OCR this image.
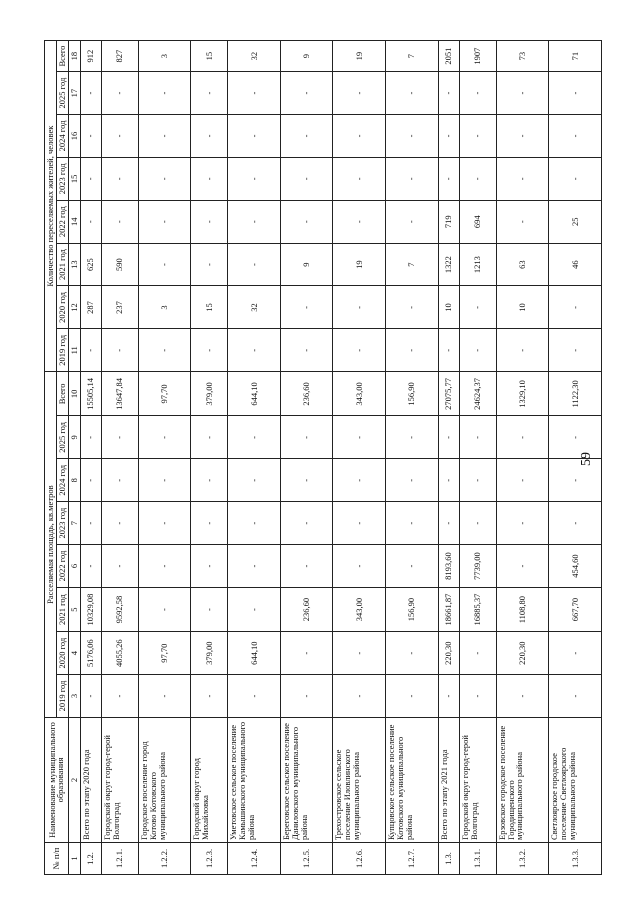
59
№ п/п	Наименование муниципального образования	Расселяемая площадь, кв.метров								Количество переселяемых жителей, человек							
		2019 год	2020 год	2021 год	2022 год	2023 год	2024 год	2025 год	Всего	2019 год	2020 год	2021 год	2022 год	2023 год	2024 год	2025 год	Всего
1	2	3	4	5	6	7	8	9	10	11	12	13	14	15	16	17	18
1.2.	Всего по этапу 2020 года	-	5176,06	10329,08	-	-	-	-	15505,14	-	287	625	-	-	-	-	912
1.2.1.	Городской округ город-герой Волгоград	-	4055,26	9592,58	-	-	-	-	13647,84	-	237	590	-	-	-	-	827
1.2.2.	Городское поселение город Котово Котовского муниципального района	-	97,70	-	-	-	-	-	97,70	-	3	-	-	-	-	-	3
1.2.3.	Городской округ город Михайловка	-	379,00	-	-	-	-	-	379,00	-	15	-	-	-	-	-	15
1.2.4.	Уметовское сельское поселение Камышинского муниципального района	-	644,10	-	-	-	-	-	644,10	-	32	-	-	-	-	-	32
1.2.5.	Береговское сельское поселение Даниловского муниципального района	-	-	236,60	-	-	-	-	236,60	-	-	9	-	-	-	-	9
1.2.6.	Трехостровское сельское поселение Иловлинского муниципального района	-	-	343,00	-	-	-	-	343,00	-	-	19	-	-	-	-	19
1.2.7.	Купцовское сельское поселение Котовского муниципального района	-	-	156,90	-	-	-	-	156,90	-	-	7	-	-	-	-	7
1.3.	Всего по этапу 2021 года	-	220,30	18661,87	8193,60	-	-	-	27075,77	-	10	1322	719	-	-	-	2051
1.3.1.	Городской округ город-герой Волгоград	-	-	16885,37	7739,00	-	-	-	24624,37	-	-	1213	694	-	-	-	1907
1.3.2.	Ерзовское городское поселение Городищенского муниципального района	-	220,30	1108,80	-	-	-	-	1329,10	-	10	63	-	-	-	-	73
1.3.3.	Светлоярское городское поселение Светлоярского муниципального района	-	-	667,70	454,60	-	-	-	1122,30	-	-	46	25	-	-	-	71
